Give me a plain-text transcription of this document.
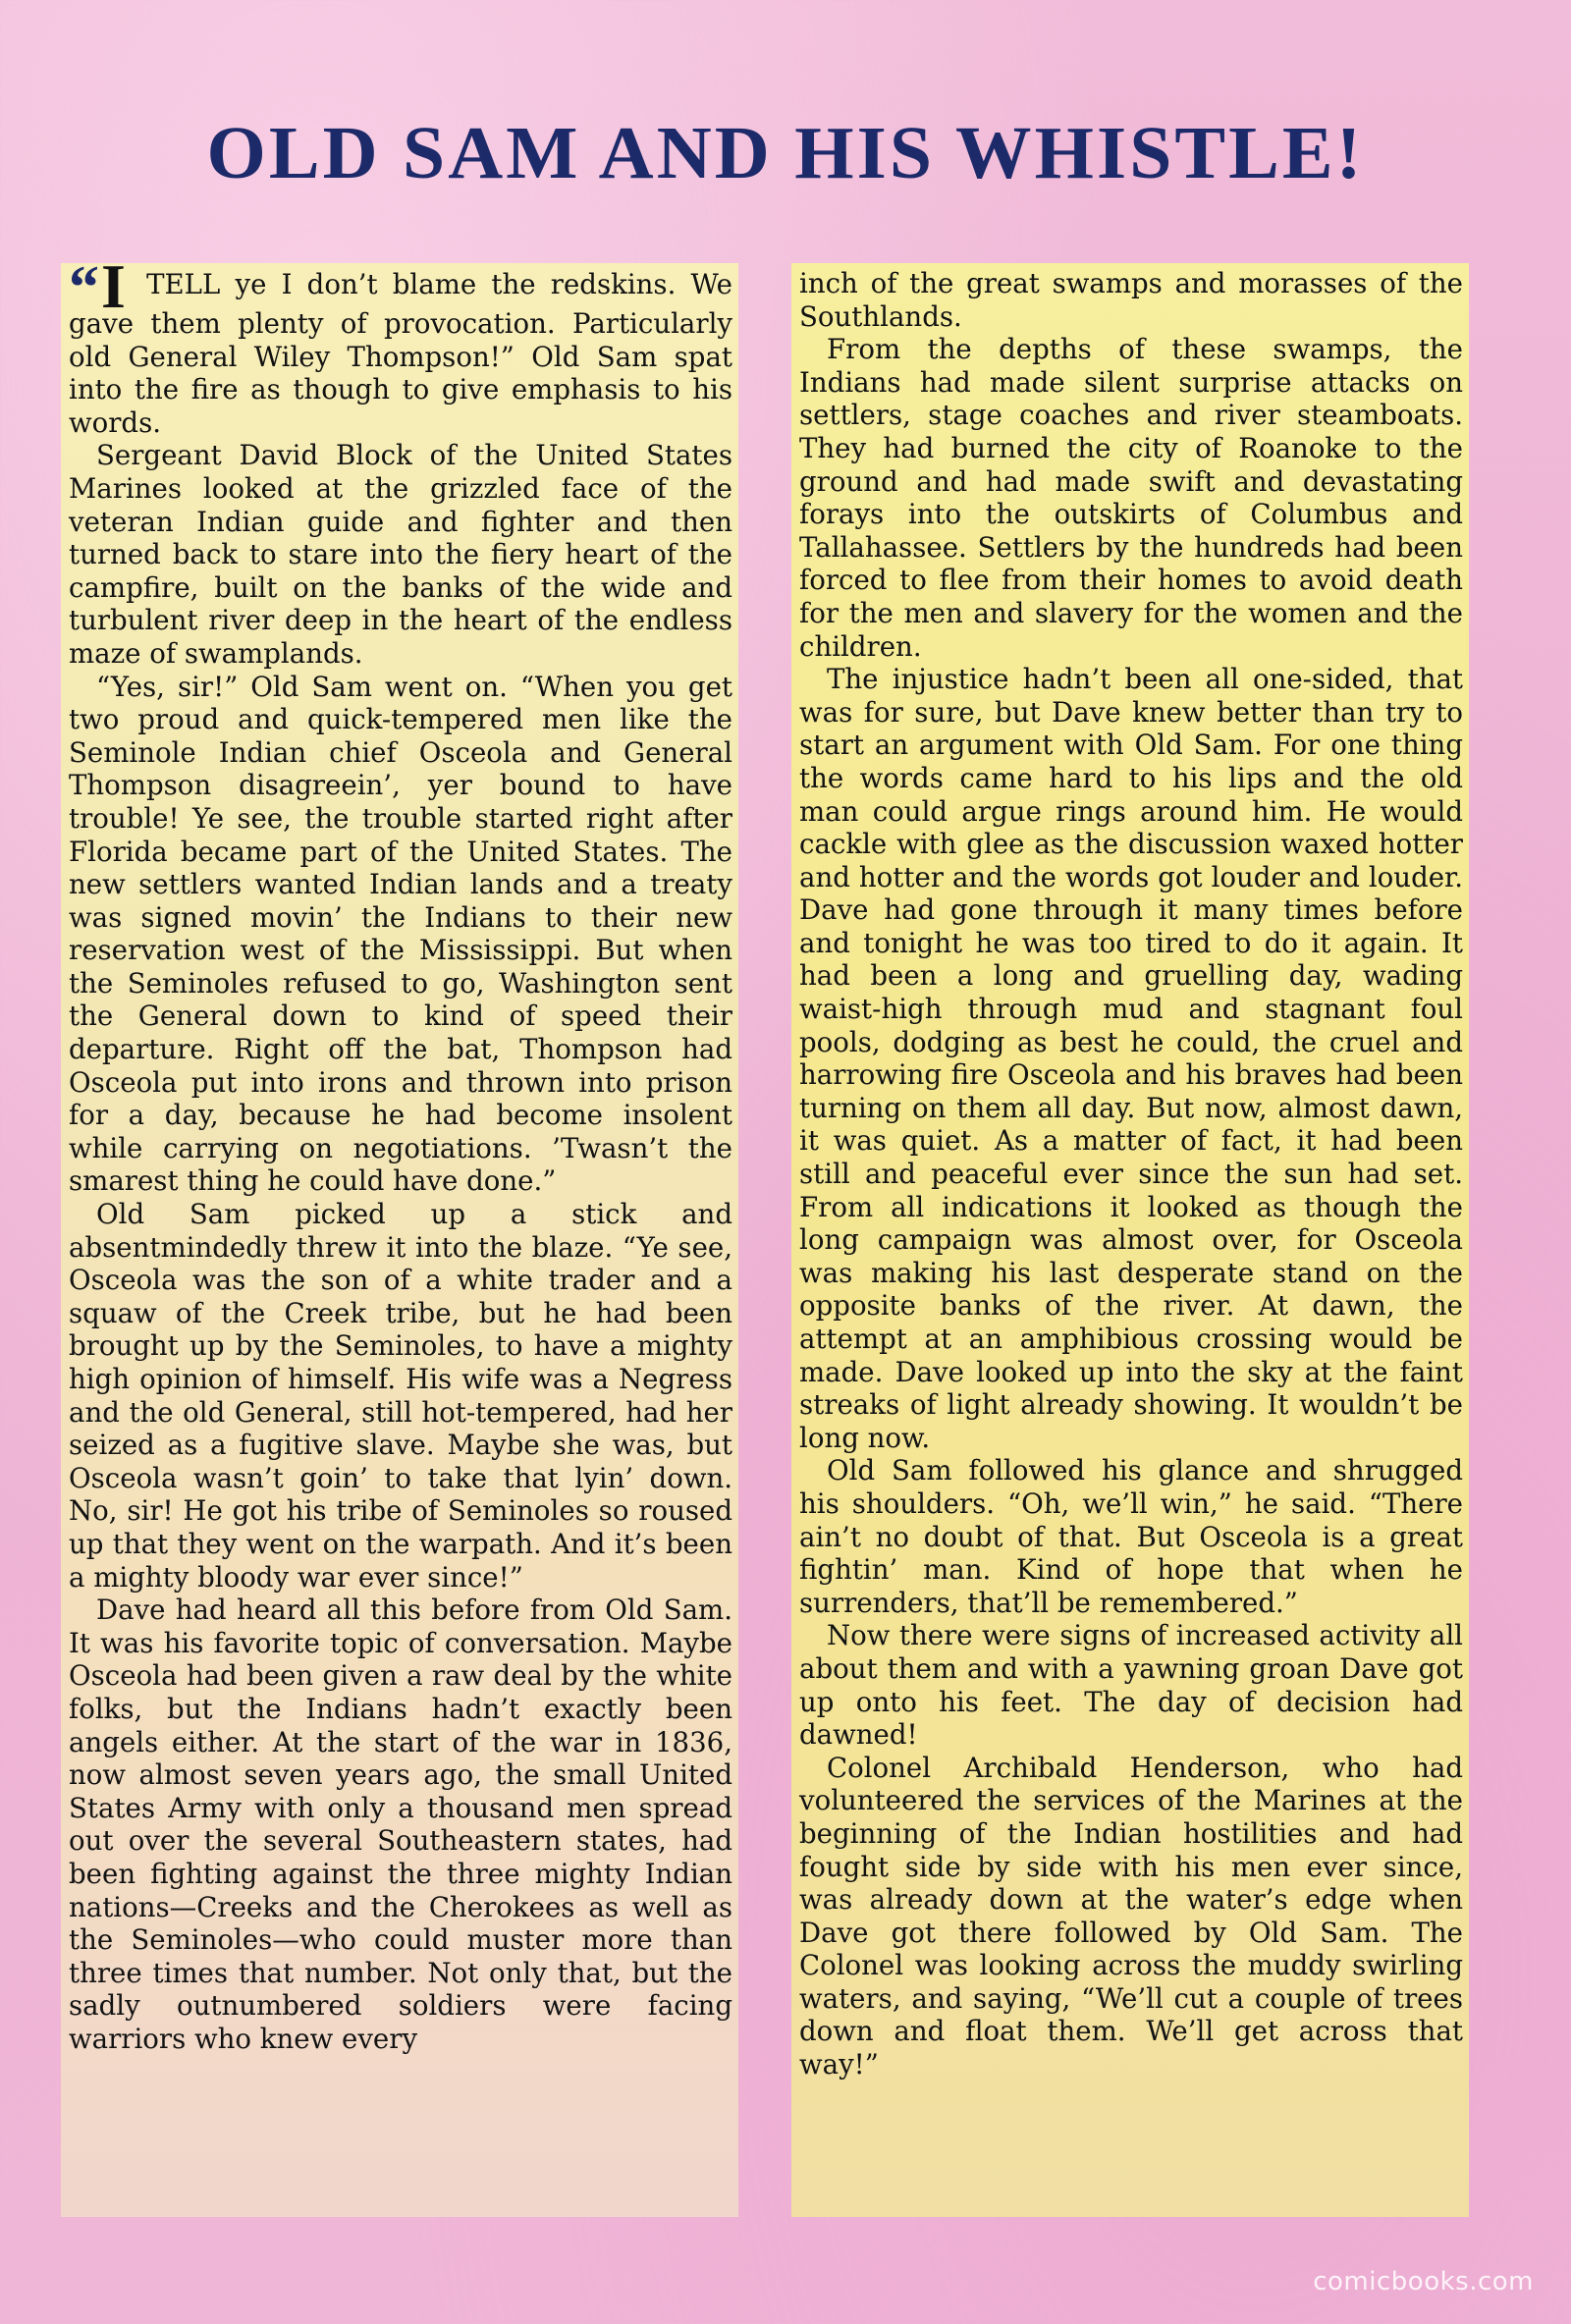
OLD SAM AND HIS WHISTLE!

“I TELL ye I don’t blame the redskins. We gave them plenty of provocation. Particularly old General Wiley Thompson!” Old Sam spat into the fire as though to give emphasis to his words.

Sergeant David Block of the United States Marines looked at the grizzled face of the veteran Indian guide and fighter and then turned back to stare into the fiery heart of the campfire, built on the banks of the wide and turbulent river deep in the heart of the endless maze of swamplands.

“Yes, sir!” Old Sam went on. “When you get two proud and quick-tempered men like the Seminole Indian chief Osceola and General Thompson disagreein’, yer bound to have trouble! Ye see, the trouble started right after Florida became part of the United States. The new settlers wanted Indian lands and a treaty was signed movin’ the Indians to their new reservation west of the Mississippi. But when the Seminoles refused to go, Washington sent the General down to kind of speed their departure. Right off the bat, Thompson had Osceola put into irons and thrown into prison for a day, because he had become insolent while carrying on negotiations. ’Twasn’t the smarest thing he could have done.”

Old Sam picked up a stick and absentmindedly threw it into the blaze. “Ye see, Osceola was the son of a white trader and a squaw of the Creek tribe, but he had been brought up by the Seminoles, to have a mighty high opinion of himself. His wife was a Negress and the old General, still hot-tempered, had her seized as a fugitive slave. Maybe she was, but Osceola wasn’t goin’ to take that lyin’ down. No, sir! He got his tribe of Seminoles so roused up that they went on the warpath. And it’s been a mighty bloody war ever since!”

Dave had heard all this before from Old Sam. It was his favorite topic of conversation. Maybe Osceola had been given a raw deal by the white folks, but the Indians hadn’t exactly been angels either. At the start of the war in 1836, now almost seven years ago, the small United States Army with only a thousand men spread out over the several Southeastern states, had been fighting against the three mighty Indian nations—Creeks and the Cherokees as well as the Seminoles—who could muster more than three times that number. Not only that, but the sadly outnumbered soldiers were facing warriors who knew every

inch of the great swamps and morasses of the Southlands.

From the depths of these swamps, the Indians had made silent surprise attacks on settlers, stage coaches and river steamboats. They had burned the city of Roanoke to the ground and had made swift and devastating forays into the outskirts of Columbus and Tallahassee. Settlers by the hundreds had been forced to flee from their homes to avoid death for the men and slavery for the women and the children.

The injustice hadn’t been all one-sided, that was for sure, but Dave knew better than try to start an argument with Old Sam. For one thing the words came hard to his lips and the old man could argue rings around him. He would cackle with glee as the discussion waxed hotter and hotter and the words got louder and louder. Dave had gone through it many times before and tonight he was too tired to do it again. It had been a long and gruelling day, wading waist-high through mud and stagnant foul pools, dodging as best he could, the cruel and harrowing fire Osceola and his braves had been turning on them all day. But now, almost dawn, it was quiet. As a matter of fact, it had been still and peaceful ever since the sun had set. From all indications it looked as though the long campaign was almost over, for Osceola was making his last desperate stand on the opposite banks of the river. At dawn, the attempt at an amphibious crossing would be made. Dave looked up into the sky at the faint streaks of light already showing. It wouldn’t be long now.

Old Sam followed his glance and shrugged his shoulders. “Oh, we’ll win,” he said. “There ain’t no doubt of that. But Osceola is a great fightin’ man. Kind of hope that when he surrenders, that’ll be remembered.”

Now there were signs of increased activity all about them and with a yawning groan Dave got up onto his feet. The day of decision had dawned!

Colonel Archibald Henderson, who had volunteered the services of the Marines at the beginning of the Indian hostilities and had fought side by side with his men ever since, was already down at the water’s edge when Dave got there followed by Old Sam. The Colonel was looking across the muddy swirling waters, and saying, “We’ll cut a couple of trees down and float them. We’ll get across that way!”

comicbooks.com
